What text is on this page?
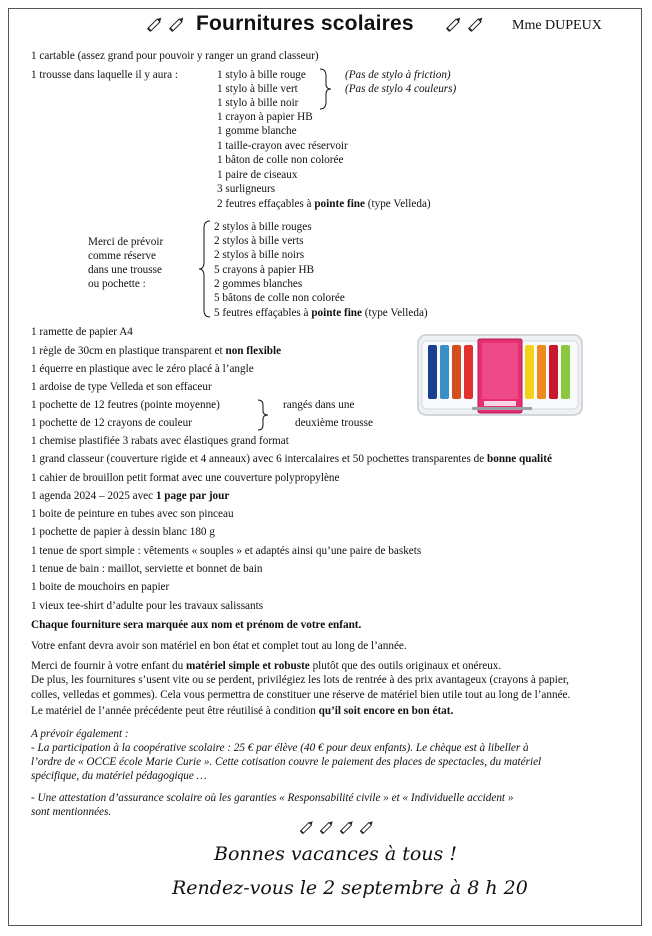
Fournitures scolaires	Mme DUPEUX
1 cartable (assez grand pour pouvoir y ranger un grand classeur)
1 trousse dans laquelle il y aura :	1 stylo à bille rouge
1 stylo à bille vert
1 stylo à bille noir
1 crayon à papier HB
1 gomme blanche
1 taille-crayon avec réservoir
1 bâton de colle non colorée
1 paire de ciseaux
3 surligneurs
2 feutres effaçables à pointe fine (type Velleda)
(Pas de stylo à friction)
(Pas de stylo 4 couleurs)
Merci de prévoir
comme réserve
dans une trousse
ou pochette :
2 stylos à bille rouges
2 stylos à bille verts
2 stylos à bille noirs
5 crayons à papier HB
2 gommes blanches
5 bâtons de colle non colorée
5 feutres effaçables à pointe fine (type Velleda)
1 ramette de papier A4
1 règle de 30cm en plastique transparent et non flexible
1 équerre en plastique avec le zéro placé à l’angle
1 ardoise de type Velleda et son effaceur
1 pochette de 12 feutres (pointe moyenne)
1 pochette de 12 crayons de couleur
rangés dans une
deuxième trousse
1 chemise plastifiée 3 rabats avec élastiques grand format
1 grand classeur (couverture rigide et 4 anneaux) avec 6 intercalaires et 50 pochettes transparentes de bonne qualité
1 cahier de brouillon petit format avec une couverture polypropylène
1 agenda 2024 – 2025 avec 1 page par jour
1 boite de peinture en tubes avec son pinceau
1 pochette de papier à dessin blanc 180 g
1 tenue de sport simple : vêtements « souples » et adaptés ainsi qu’une paire de baskets
1 tenue de bain : maillot, serviette et bonnet de bain
1 boite de mouchoirs en papier
1 vieux tee-shirt d’adulte pour les travaux salissants
Chaque fourniture sera marquée aux nom et prénom de votre enfant.
Votre enfant devra avoir son matériel en bon état et complet tout au long de l’année.
Merci de fournir à votre enfant du matériel simple et robuste plutôt que des outils originaux et onéreux.
De plus, les fournitures s’usent vite ou se perdent, privilégiez les lots de rentrée à des prix avantageux (crayons à papier,
colles, velledas et gommes). Cela vous permettra de constituer une réserve de matériel bien utile tout au long de l’année.
Le matériel de l’année précédente peut être réutilisé à condition qu’il soit encore en bon état.
A prévoir également :
- La participation à la coopérative scolaire : 25 € par élève (40 € pour deux enfants). Le chèque est à libeller à
l’ordre de « OCCE école Marie Curie ». Cette cotisation couvre le paiement des places de spectacles, du matériel
spécifique, du matériel pédagogique …
- Une attestation d’assurance scolaire où les garanties « Responsabilité civile » et « Individuelle accident »
sont mentionnées.
Bonnes vacances à tous !
Rendez-vous le 2 septembre à 8 h 20
